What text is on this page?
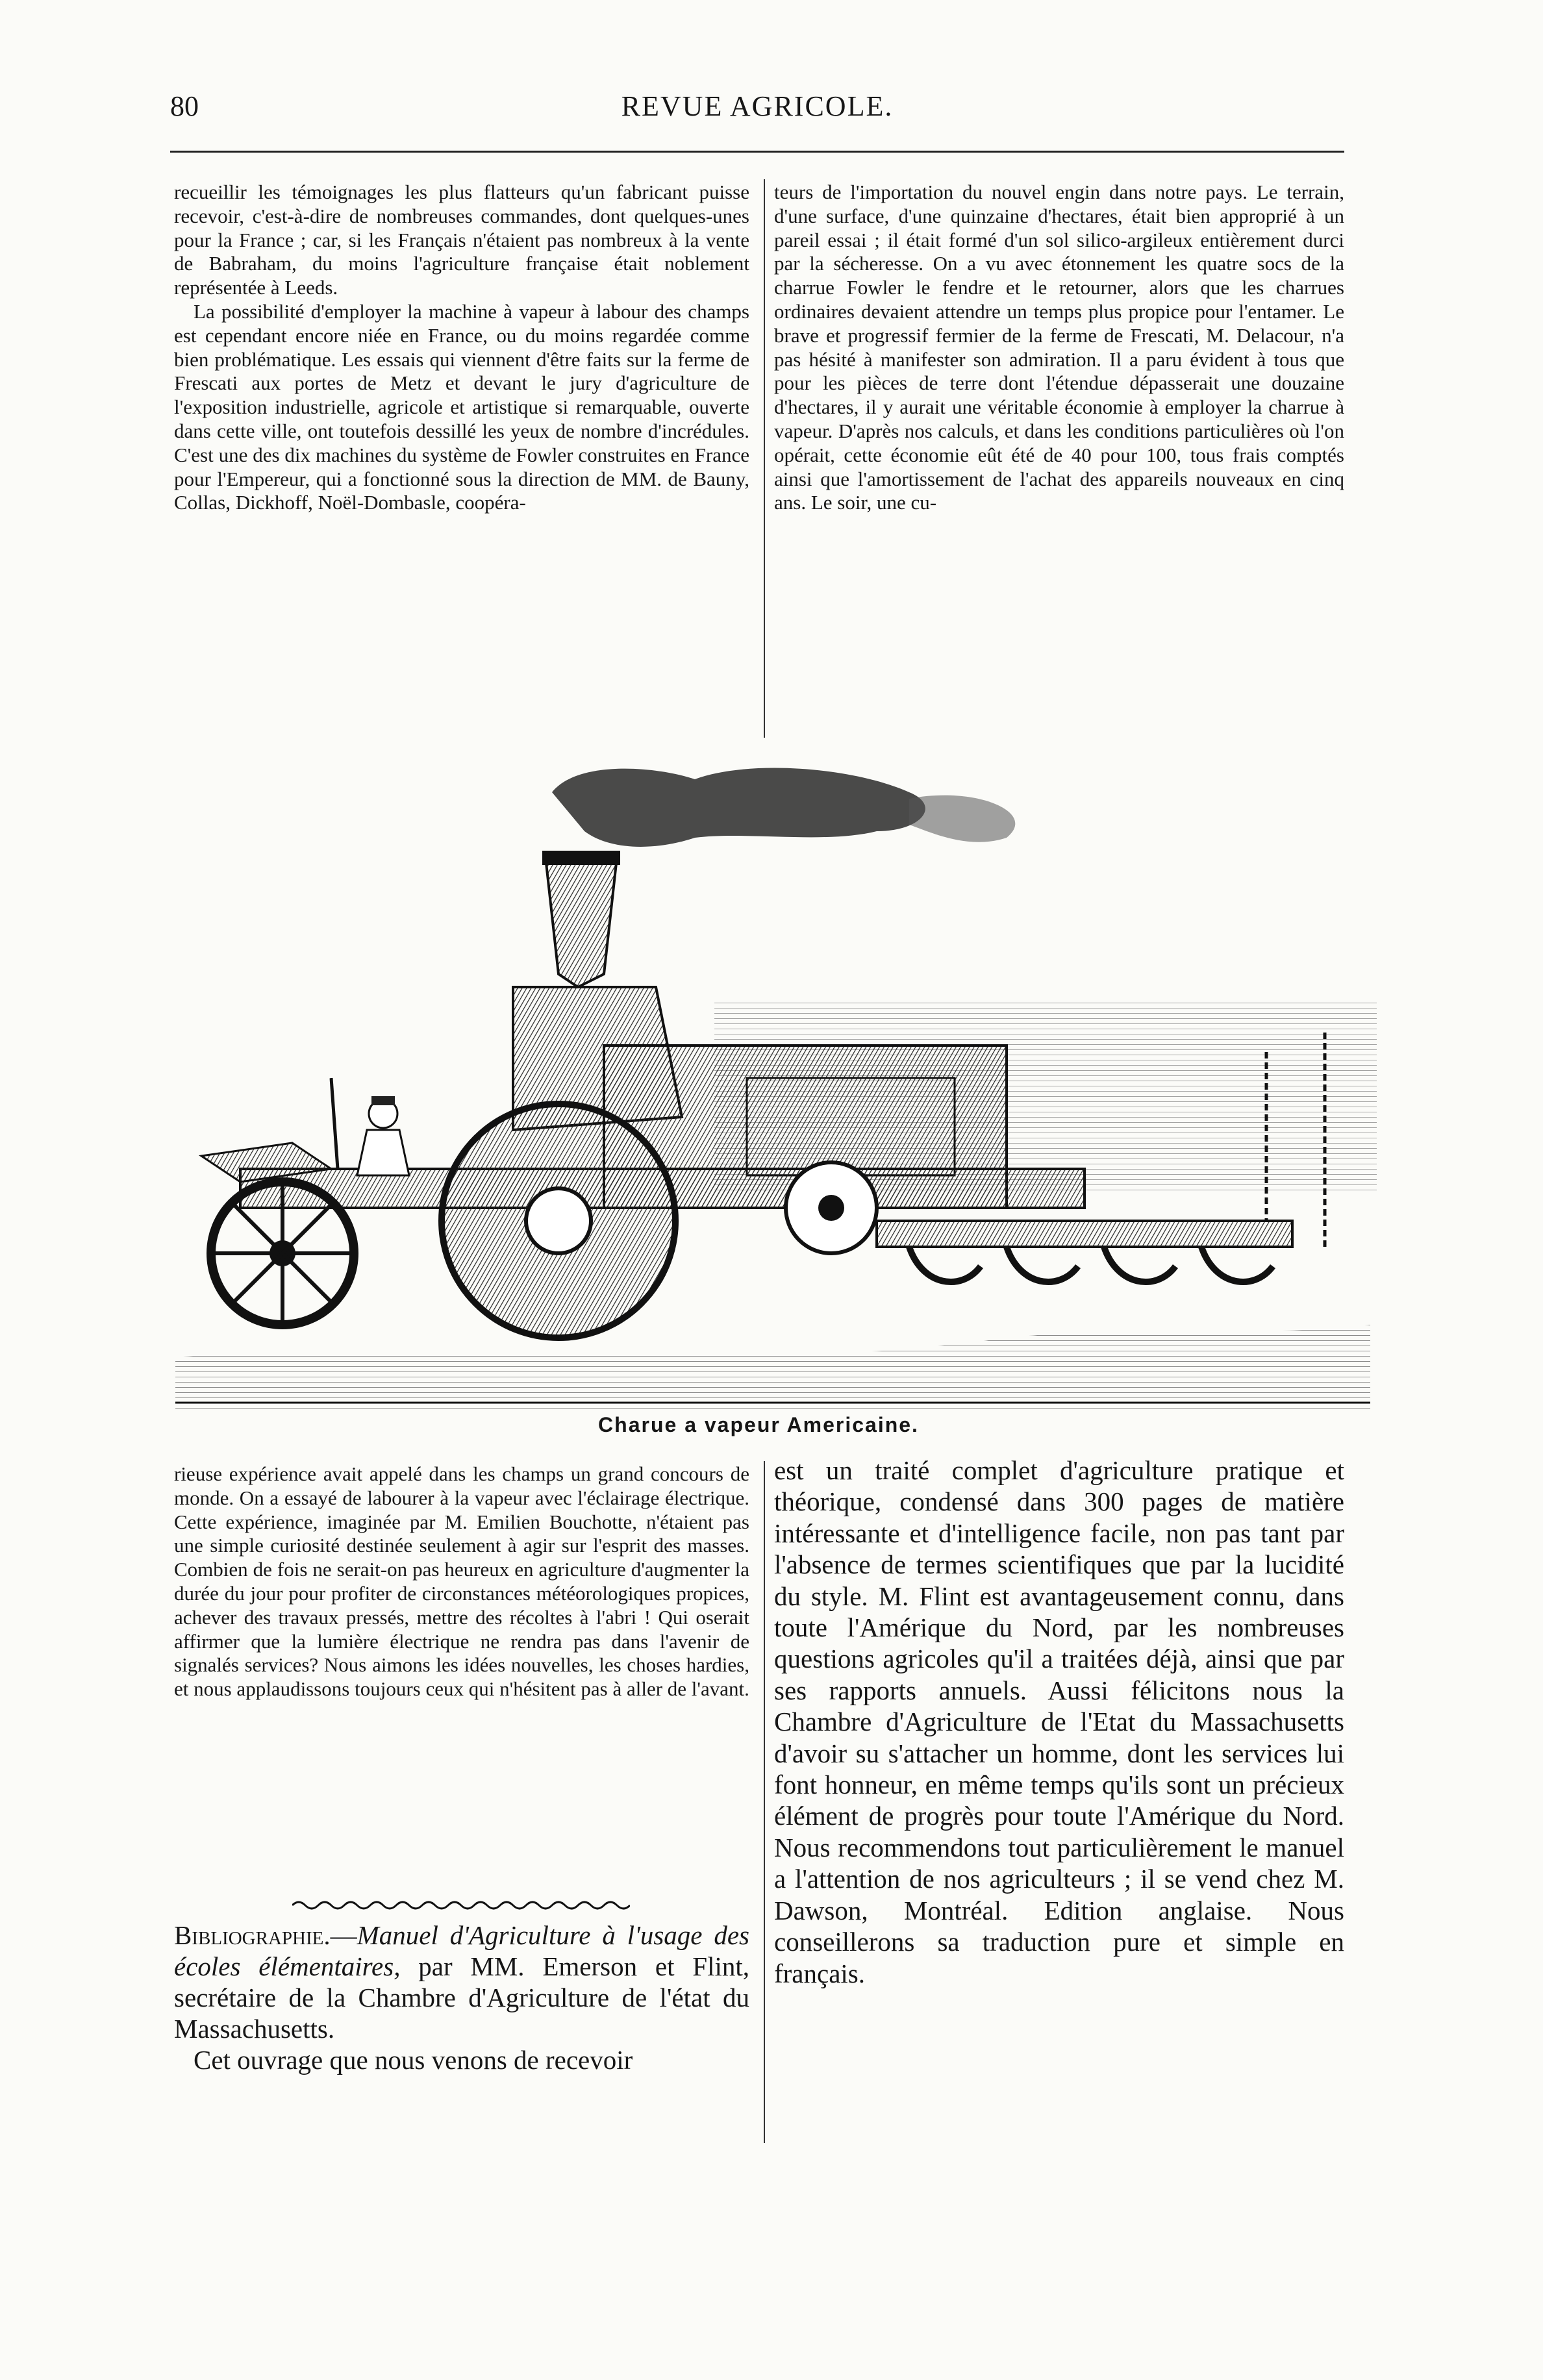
80	REVUE AGRICOLE.

recueillir les témoignages les plus flatteurs qu'un fabricant puisse recevoir, c'est-à-dire de nombreuses commandes, dont quelques-unes pour la France ; car, si les Français n'étaient pas nombreux à la vente de Babraham, du moins l'agriculture française était noblement représentée à Leeds.

La possibilité d'employer la machine à vapeur à labour des champs est cependant encore niée en France, ou du moins regardée comme bien problématique. Les essais qui viennent d'être faits sur la ferme de Frescati aux portes de Metz et devant le jury d'agriculture de l'exposition industrielle, agricole et artistique si remarquable, ouverte dans cette ville, ont toutefois dessillé les yeux de nombre d'incrédules. C'est une des dix machines du système de Fowler construites en France pour l'Empereur, qui a fonctionné sous la direction de MM. de Bauny, Collas, Dickhoff, Noël-Dombasle, coopéra-

teurs de l'importation du nouvel engin dans notre pays. Le terrain, d'une surface, d'une quinzaine d'hectares, était bien approprié à un pareil essai ; il était formé d'un sol silico-argileux entièrement durci par la sécheresse. On a vu avec étonnement les quatre socs de la charrue Fowler le fendre et le retourner, alors que les charrues ordinaires devaient attendre un temps plus propice pour l'entamer. Le brave et progressif fermier de la ferme de Frescati, M. Delacour, n'a pas hésité à manifester son admiration. Il a paru évident à tous que pour les pièces de terre dont l'étendue dépasserait une douzaine d'hectares, il y aurait une véritable économie à employer la charrue à vapeur. D'après nos calculs, et dans les conditions particulières où l'on opérait, cette économie eût été de 40 pour 100, tous frais comptés ainsi que l'amortissement de l'achat des appareils nouveaux en cinq ans. Le soir, une cu-

Charue a vapeur Americaine.

rieuse expérience avait appelé dans les champs un grand concours de monde. On a essayé de labourer à la vapeur avec l'éclairage électrique. Cette expérience, imaginée par M. Emilien Bouchotte, n'étaient pas une simple curiosité destinée seulement à agir sur l'esprit des masses. Combien de fois ne serait-on pas heureux en agriculture d'augmenter la durée du jour pour profiter de circonstances météorologiques propices, achever des travaux pressés, mettre des récoltes à l'abri ! Qui oserait affirmer que la lumière électrique ne rendra pas dans l'avenir de signalés services? Nous aimons les idées nouvelles, les choses hardies, et nous applaudissons toujours ceux qui n'hésitent pas à aller de l'avant.

Bibliographie.—Manuel d'Agriculture à l'usage des écoles élémentaires, par MM. Emerson et Flint, secrétaire de la Chambre d'Agriculture de l'état du Massachusetts.

Cet ouvrage que nous venons de recevoir

est un traité complet d'agriculture pratique et théorique, condensé dans 300 pages de matière intéressante et d'intelligence facile, non pas tant par l'absence de termes scientifiques que par la lucidité du style. M. Flint est avantageusement connu, dans toute l'Amérique du Nord, par les nombreuses questions agricoles qu'il a traitées déjà, ainsi que par ses rapports annuels. Aussi félicitons nous la Chambre d'Agriculture de l'Etat du Massachusetts d'avoir su s'attacher un homme, dont les services lui font honneur, en même temps qu'ils sont un précieux élément de progrès pour toute l'Amérique du Nord. Nous recommendons tout particulièrement le manuel a l'attention de nos agriculteurs ; il se vend chez M. Dawson, Montréal. Edition anglaise. Nous conseillerons sa traduction pure et simple en français.
